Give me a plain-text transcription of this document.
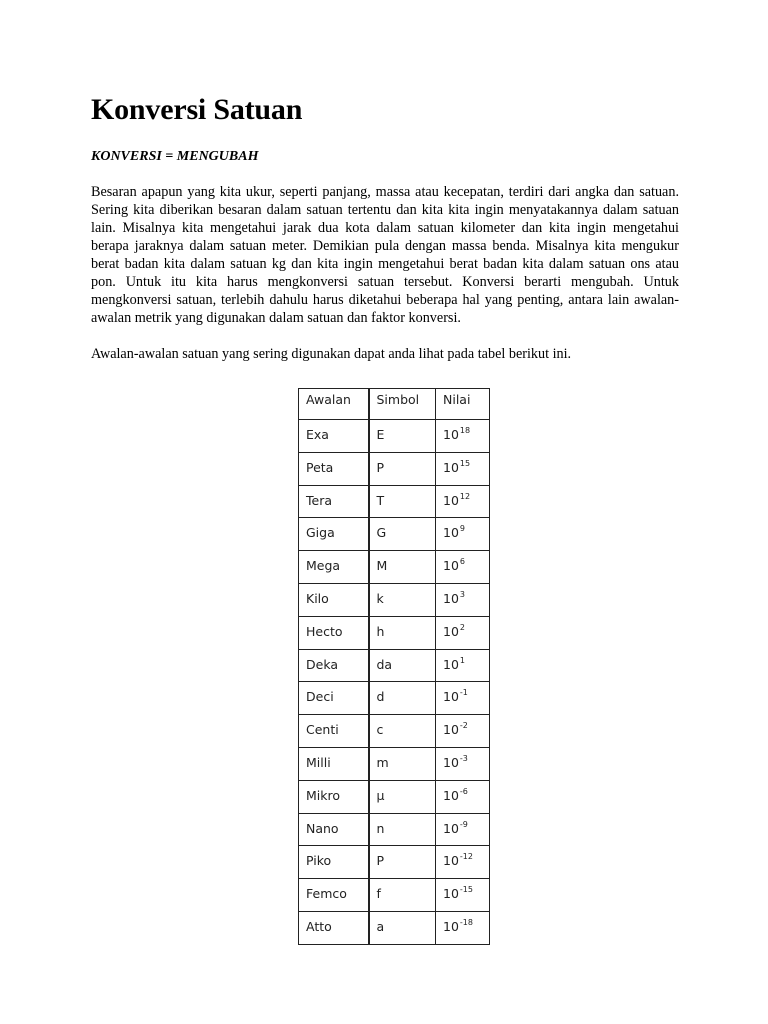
Konversi Satuan
KONVERSI = MENGUBAH
Besaran apapun yang kita ukur, seperti panjang, massa atau kecepatan, terdiri dari angka dan satuan. Sering kita diberikan besaran dalam satuan tertentu dan kita kita ingin menyatakannya dalam satuan lain. Misalnya kita mengetahui jarak dua kota dalam satuan kilometer dan kita ingin mengetahui berapa jaraknya dalam satuan meter. Demikian pula dengan massa benda. Misalnya kita mengukur berat badan kita dalam satuan kg dan kita ingin mengetahui berat badan kita dalam satuan ons atau pon. Untuk itu kita harus mengkonversi satuan tersebut. Konversi berarti mengubah. Untuk mengkonversi satuan, terlebih dahulu harus diketahui beberapa hal yang penting, antara lain awalan-awalan metrik yang digunakan dalam satuan dan faktor konversi.
Awalan-awalan satuan yang sering digunakan dapat anda lihat pada tabel berikut ini.
Awalan	Simbol	Nilai
Exa	E	$10^{18}$
Peta	P	$10^{15}$
Tera	T	$10^{12}$
Giga	G	$10^9$
Mega	M	$10^6$
Kilo	k	$10^3$
Hecto	h	$10^2$
Deka	da	$10^1$
Deci	d	$10^{-1}$
Centi	c	$10^{-2}$
Milli	m	$10^{-3}$
Mikro	μ	$10^{-6}$
Nano	n	$10^{-9}$
Piko	P	$10^{-12}$
Femco	f	$10^{-15}$
Atto	a	$10^{-18}$
